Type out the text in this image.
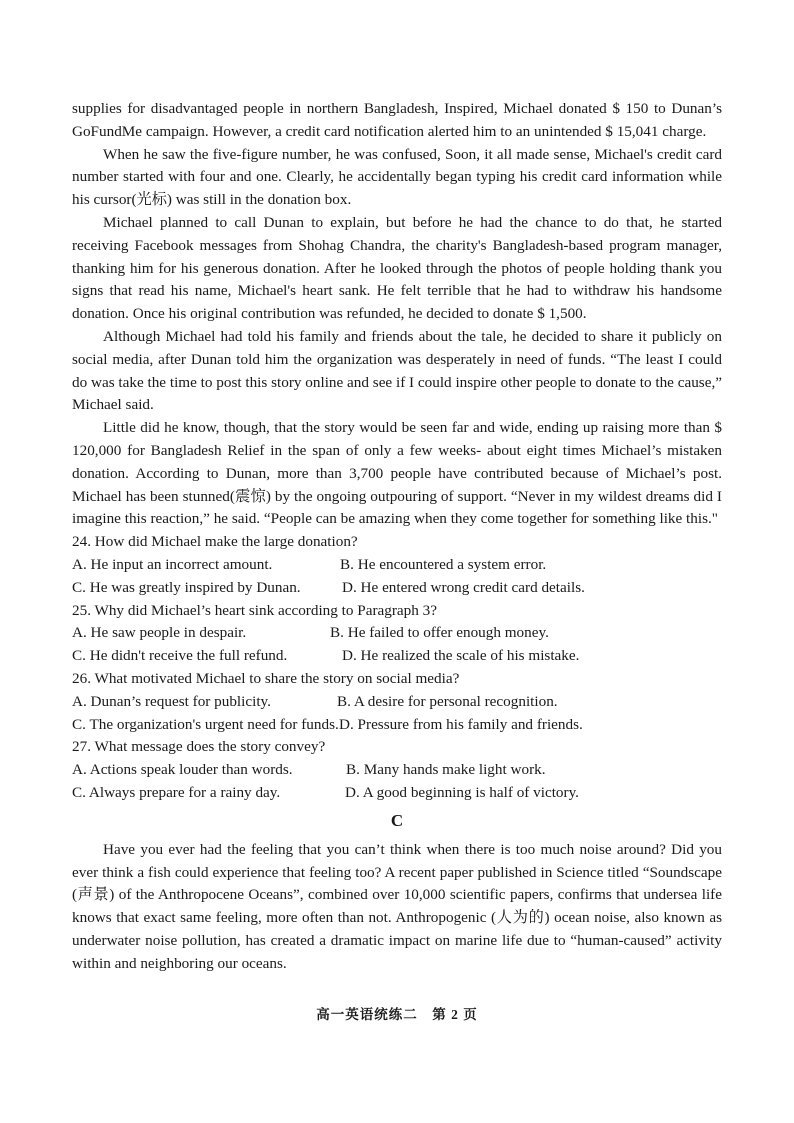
supplies for disadvantaged people in northern Bangladesh, Inspired, Michael donated $ 150 to Dunan’s GoFundMe campaign. However, a credit card notification alerted him to an unintended $ 15,041 charge.

When he saw the five-figure number, he was confused, Soon, it all made sense, Michael's credit card number started with four and one. Clearly, he accidentally began typing his credit card information while his cursor(光标) was still in the donation box.

Michael planned to call Dunan to explain, but before he had the chance to do that, he started receiving Facebook messages from Shohag Chandra, the charity's Bangladesh-based program manager, thanking him for his generous donation. After he looked through the photos of people holding thank you signs that read his name, Michael's heart sank. He felt terrible that he had to withdraw his handsome donation. Once his original contribution was refunded, he decided to donate $ 1,500.

Although Michael had told his family and friends about the tale, he decided to share it publicly on social media, after Dunan told him the organization was desperately in need of funds. “The least I could do was take the time to post this story online and see if I could inspire other people to donate to the cause,” Michael said.

Little did he know, though, that the story would be seen far and wide, ending up raising more than $ 120,000 for Bangladesh Relief in the span of only a few weeks- about eight times Michael’s mistaken donation. According to Dunan, more than 3,700 people have contributed because of Michael’s post. Michael has been stunned(震惊) by the ongoing outpouring of support. “Never in my wildest dreams did I imagine this reaction,” he said. “People can be amazing when they come together for something like this."

24. How did Michael make the large donation?

A. He input an incorrect amount.	B. He encountered a system error.
C. He was greatly inspired by Dunan.	D. He entered wrong credit card details.

25. Why did Michael’s heart sink according to Paragraph 3?

A. He saw people in despair.	B. He failed to offer enough money.
C. He didn't receive the full refund.	D. He realized the scale of his mistake.

26. What motivated Michael to share the story on social media?

A. Dunan’s request for publicity.	B. A desire for personal recognition.
C. The organization's urgent need for funds. D. Pressure from his family and friends.

27. What message does the story convey?

A. Actions speak louder than words.	B. Many hands make light work.
C. Always prepare for a rainy day.	D. A good beginning is half of victory.
C

Have you ever had the feeling that you can’t think when there is too much noise around? Did you ever think a fish could experience that feeling too? A recent paper published in Science titled “Soundscape (声景) of the Anthropocene Oceans”, combined over 10,000 scientific papers, confirms that undersea life knows that exact same feeling, more often than not. Anthropogenic (人为的) ocean noise, also known as underwater noise pollution, has created a dramatic impact on marine life due to “human-caused” activity within and neighboring our oceans.

高一英语统练二　第 2 页
